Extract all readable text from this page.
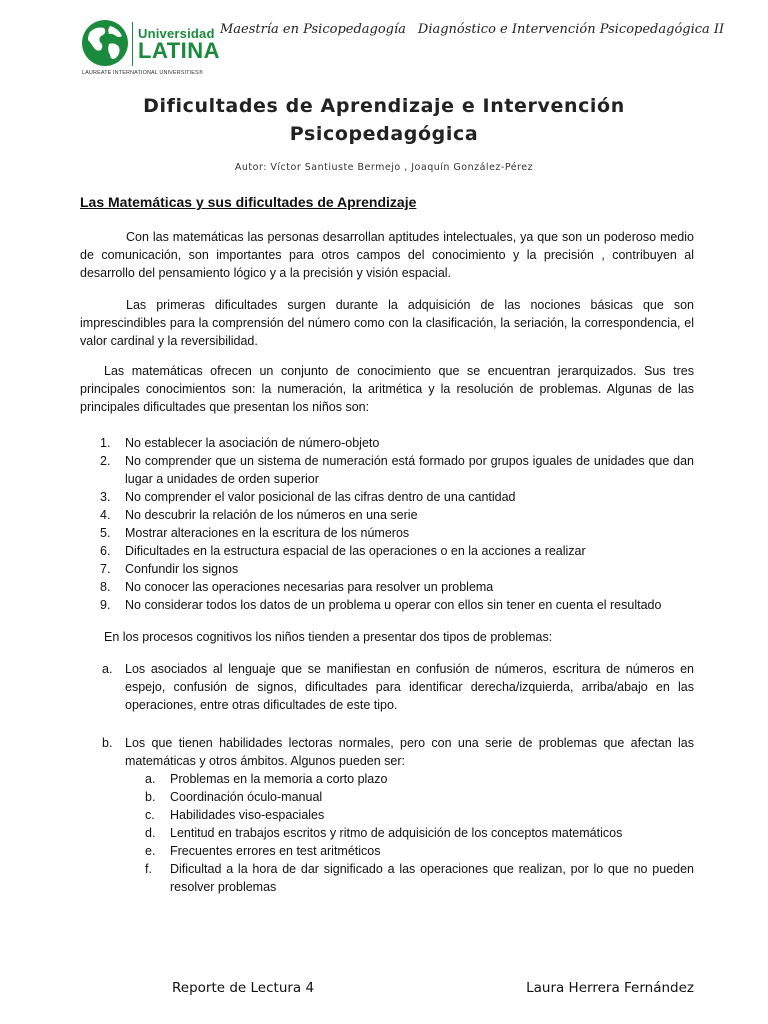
Universidad
LATINA
LAUREATE INTERNATIONAL UNIVERSITIES®
Maestría en Psicopedagogía Diagnóstico e Intervención Psicopedagógica II
Dificultades de Aprendizaje e Intervención
Psicopedagógica
Autor: Víctor Santiuste Bermejo , Joaquín González-Pérez
Las Matemáticas y sus dificultades de Aprendizaje

Con las matemáticas las personas desarrollan aptitudes intelectuales, ya que son un poderoso medio de comunicación, son importantes para otros campos del conocimiento y la precisión , contribuyen al desarrollo del pensamiento lógico y a la precisión y visión espacial.

Las primeras dificultades surgen durante la adquisición de las nociones básicas que son imprescindibles para la comprensión del número como con la clasificación, la seriación, la correspondencia, el valor cardinal y la reversibilidad.

Las matemáticas ofrecen un conjunto de conocimiento que se encuentran jerarquizados. Sus tres principales conocimientos son: la numeración, la aritmética y la resolución de problemas. Algunas de las principales dificultades que presentan los niños son:

1. No establecer la asociación de número-objeto
2. No comprender que un sistema de numeración está formado por grupos iguales de unidades que dan lugar a unidades de orden superior
3. No comprender el valor posicional de las cifras dentro de una cantidad
4. No descubrir la relación de los números en una serie
5. Mostrar alteraciones en la escritura de los números
6. Dificultades en la estructura espacial de las operaciones o en la acciones a realizar
7. Confundir los signos
8. No conocer las operaciones necesarias para resolver un problema
9. No considerar todos los datos de un problema u operar con ellos sin tener en cuenta el resultado

En los procesos cognitivos los niños tienden a presentar dos tipos de problemas:

a. Los asociados al lenguaje que se manifiestan en confusión de números, escritura de números en espejo, confusión de signos, dificultades para identificar derecha/izquierda, arriba/abajo en las operaciones, entre otras dificultades de este tipo.
b. Los que tienen habilidades lectoras normales, pero con una serie de problemas que afectan las matemáticas y otros ámbitos. Algunos pueden ser:
a. Problemas en la memoria a corto plazo
b. Coordinación óculo-manual
c. Habilidades viso-espaciales
d. Lentitud en trabajos escritos y ritmo de adquisición de los conceptos matemáticos
e. Frecuentes errores en test aritméticos
f. Dificultad a la hora de dar significado a las operaciones que realizan, por lo que no pueden resolver problemas
Reporte de Lectura 4	Laura Herrera Fernández
